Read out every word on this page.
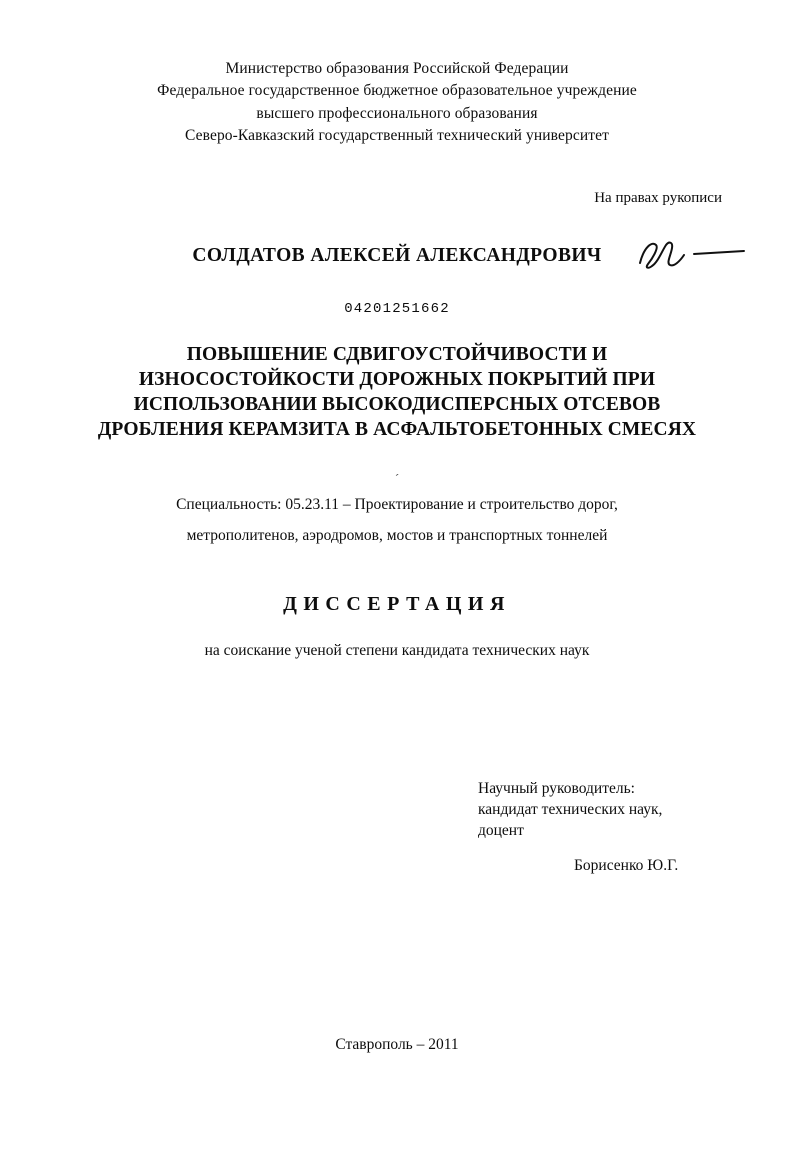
Министерство образования Российской Федерации
Федеральное государственное бюджетное образовательное учреждение
высшего профессионального образования
Северо-Кавказский государственный технический университет
На правах рукописи
СОЛДАТОВ АЛЕКСЕЙ АЛЕКСАНДРОВИЧ
04201251662
ПОВЫШЕНИЕ СДВИГОУСТОЙЧИВОСТИ И
ИЗНОСОСТОЙКОСТИ ДОРОЖНЫХ ПОКРЫТИЙ ПРИ
ИСПОЛЬЗОВАНИИ ВЫСОКОДИСПЕРСНЫХ ОТСЕВОВ
ДРОБЛЕНИЯ КЕРАМЗИТА В АСФАЛЬТОБЕТОННЫХ СМЕСЯХ
´
Специальность: 05.23.11 – Проектирование и строительство дорог,
метрополитенов, аэродромов, мостов и транспортных тоннелей
ДИССЕРТАЦИЯ
на соискание ученой степени кандидата технических наук
Научный руководитель:
кандидат технических наук,
доцент
Борисенко Ю.Г.
Ставрополь – 2011
